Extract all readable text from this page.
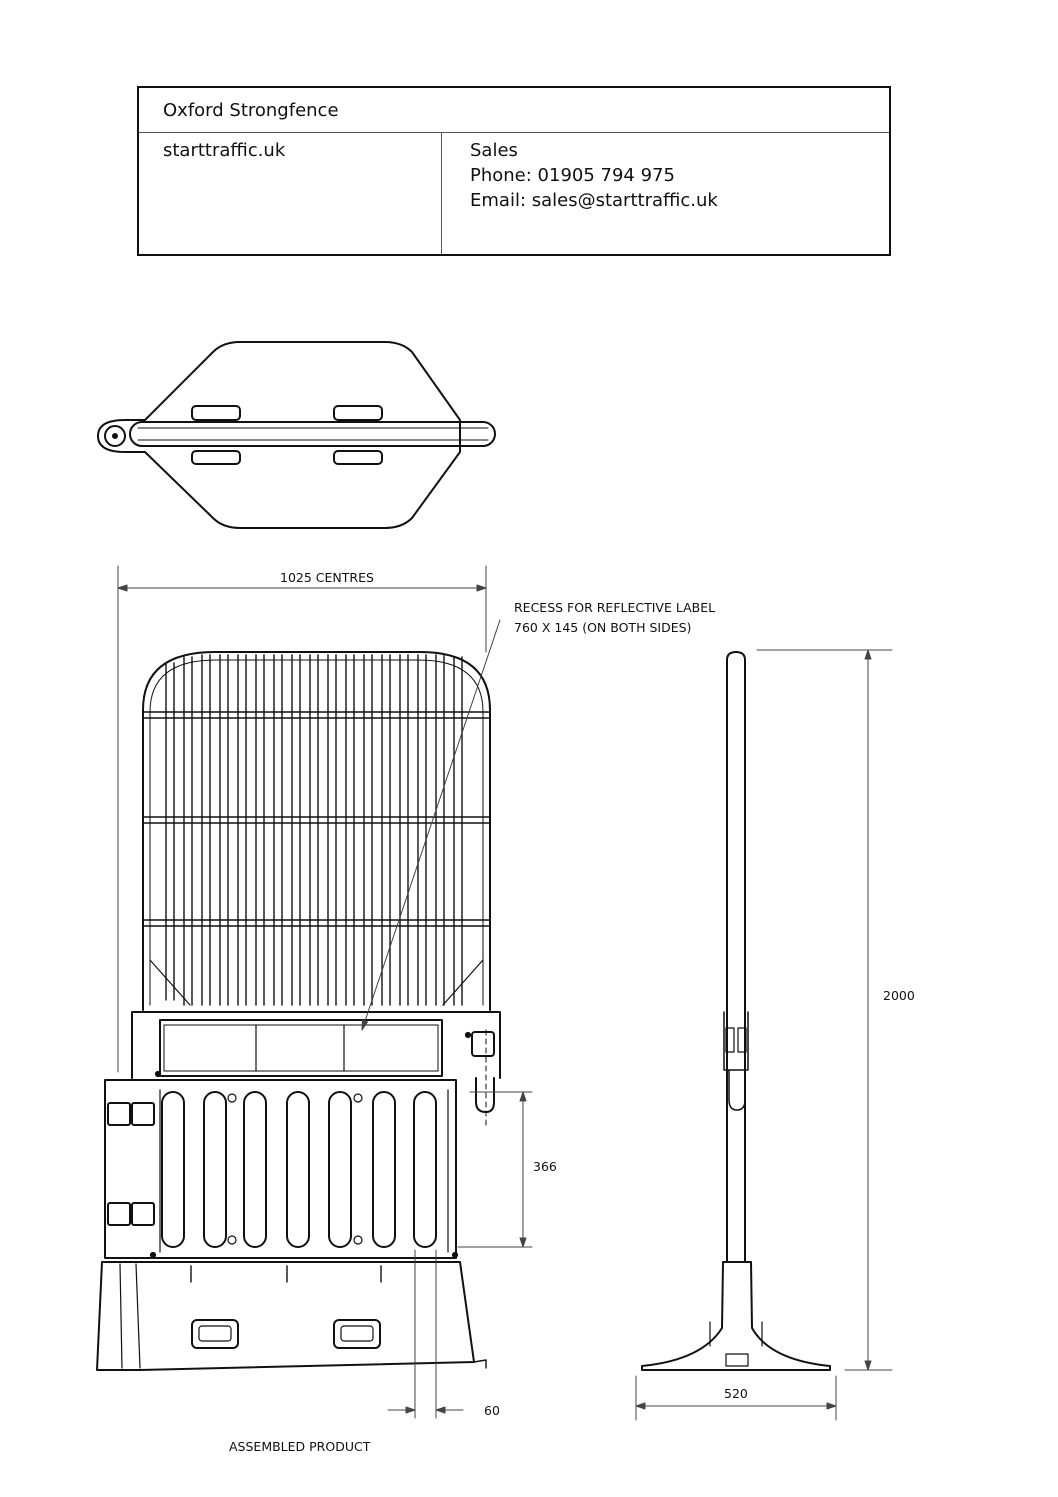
Oxford Strongfence
starttraffic.uk	Sales
Phone: 01905 794 975
Email: sales@starttraffic.uk
1025 CENTRES
RECESS FOR REFLECTIVE LABEL
760 X 145 (ON BOTH SIDES)
2000
366
60
520
ASSEMBLED PRODUCT
